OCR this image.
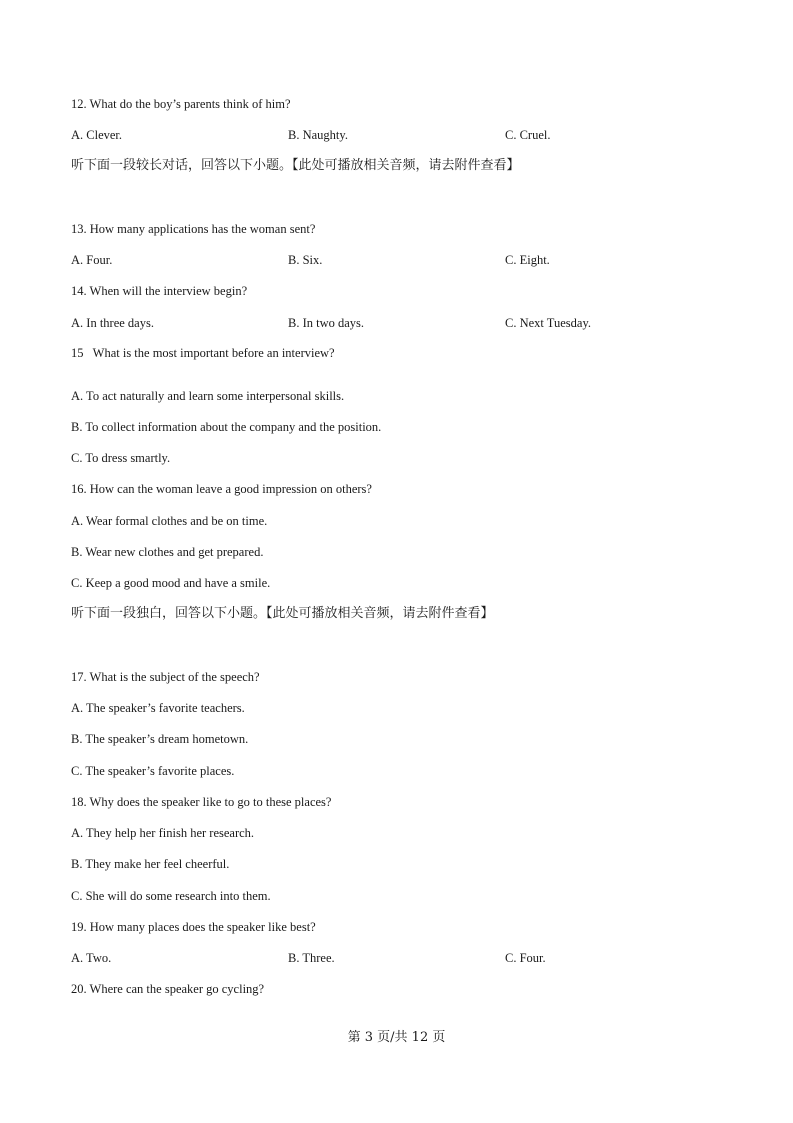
12. What do the boy’s parents think of him?
A. Clever.	B. Naughty.	C. Cruel.
听下面一段较长对话，回答以下小题。【此处可播放相关音频，请去附件查看】
13. How many applications has the woman sent?
A. Four.	B. Six.	C. Eight.
14. When will the interview begin?
A. In three days.	B. In two days.	C. Next Tuesday.
15   What is the most important before an interview?
A. To act naturally and learn some interpersonal skills.
B. To collect information about the company and the position.
C. To dress smartly.
16. How can the woman leave a good impression on others?
A. Wear formal clothes and be on time.
B. Wear new clothes and get prepared.
C. Keep a good mood and have a smile.
听下面一段独白，回答以下小题。【此处可播放相关音频，请去附件查看】
17. What is the subject of the speech?
A. The speaker’s favorite teachers.
B. The speaker’s dream hometown.
C. The speaker’s favorite places.
18. Why does the speaker like to go to these places?
A. They help her finish her research.
B. They make her feel cheerful.
C. She will do some research into them.
19. How many places does the speaker like best?
A. Two.	B. Three.	C. Four.
20. Where can the speaker go cycling?
第 3 页/共 12 页
